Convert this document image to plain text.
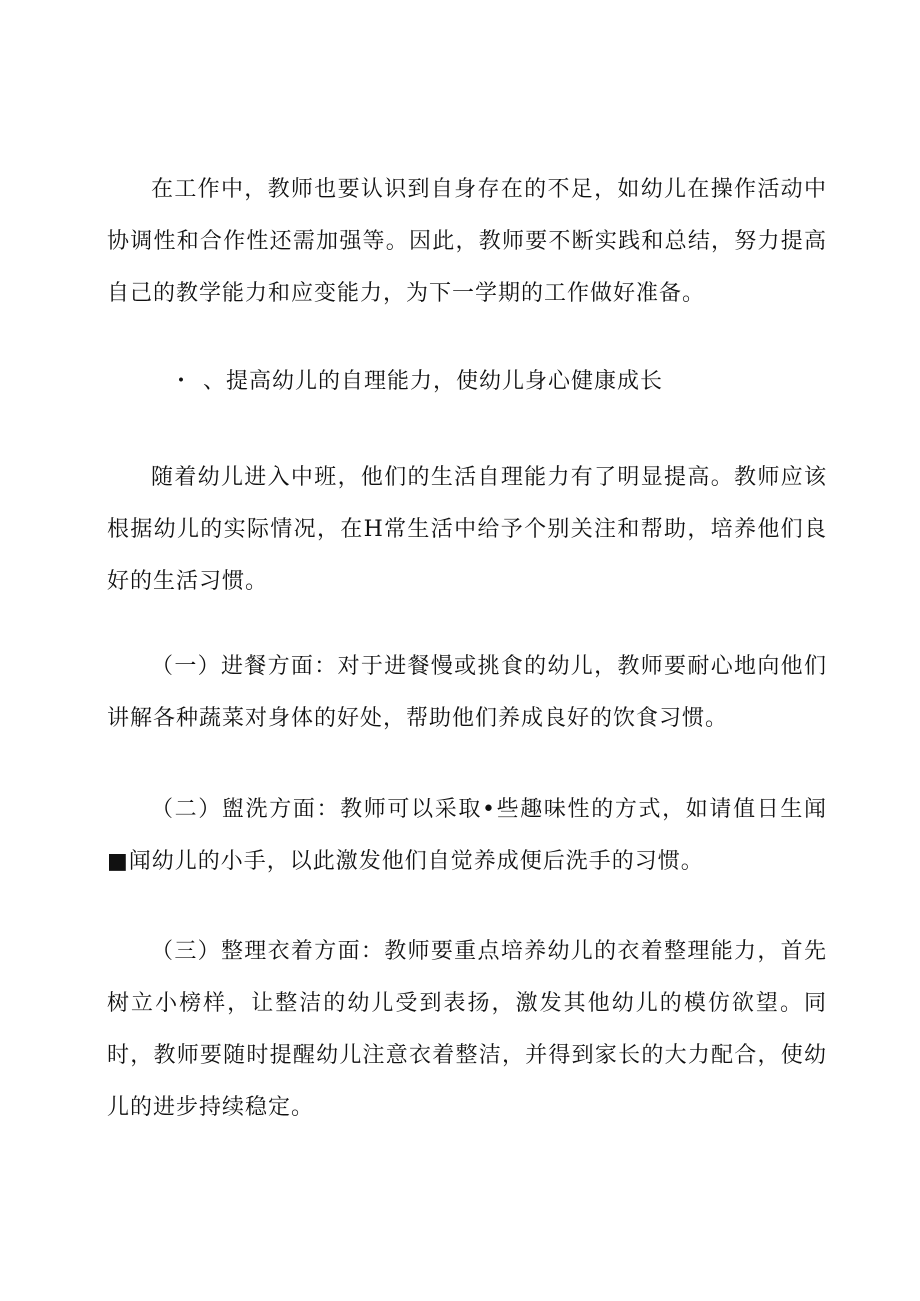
在工作中，教师也要认识到自身存在的不足，如幼儿在操作活动中协调性和合作性还需加强等。因此，教师要不断实践和总结，努力提高自己的教学能力和应变能力，为下一学期的工作做好准备。

・ 、提高幼儿的自理能力，使幼儿身心健康成长

随着幼儿进入中班，他们的生活自理能力有了明显提高。教师应该根据幼儿的实际情况，在H常生活中给予个别关注和帮助，培养他们良好的生活习惯。

（一）进餐方面：对于进餐慢或挑食的幼儿，教师要耐心地向他们讲解各种蔬菜对身体的好处，帮助他们养成良好的饮食习惯。

（二）盥洗方面：教师可以采取•些趣味性的方式，如请值日生闻■闻幼儿的小手，以此激发他们自觉养成便后洗手的习惯。

（三）整理衣着方面：教师要重点培养幼儿的衣着整理能力，首先树立小榜样，让整洁的幼儿受到表扬，激发其他幼儿的模仿欲望。同时，教师要随时提醒幼儿注意衣着整洁，并得到家长的大力配合，使幼儿的进步持续稳定。
